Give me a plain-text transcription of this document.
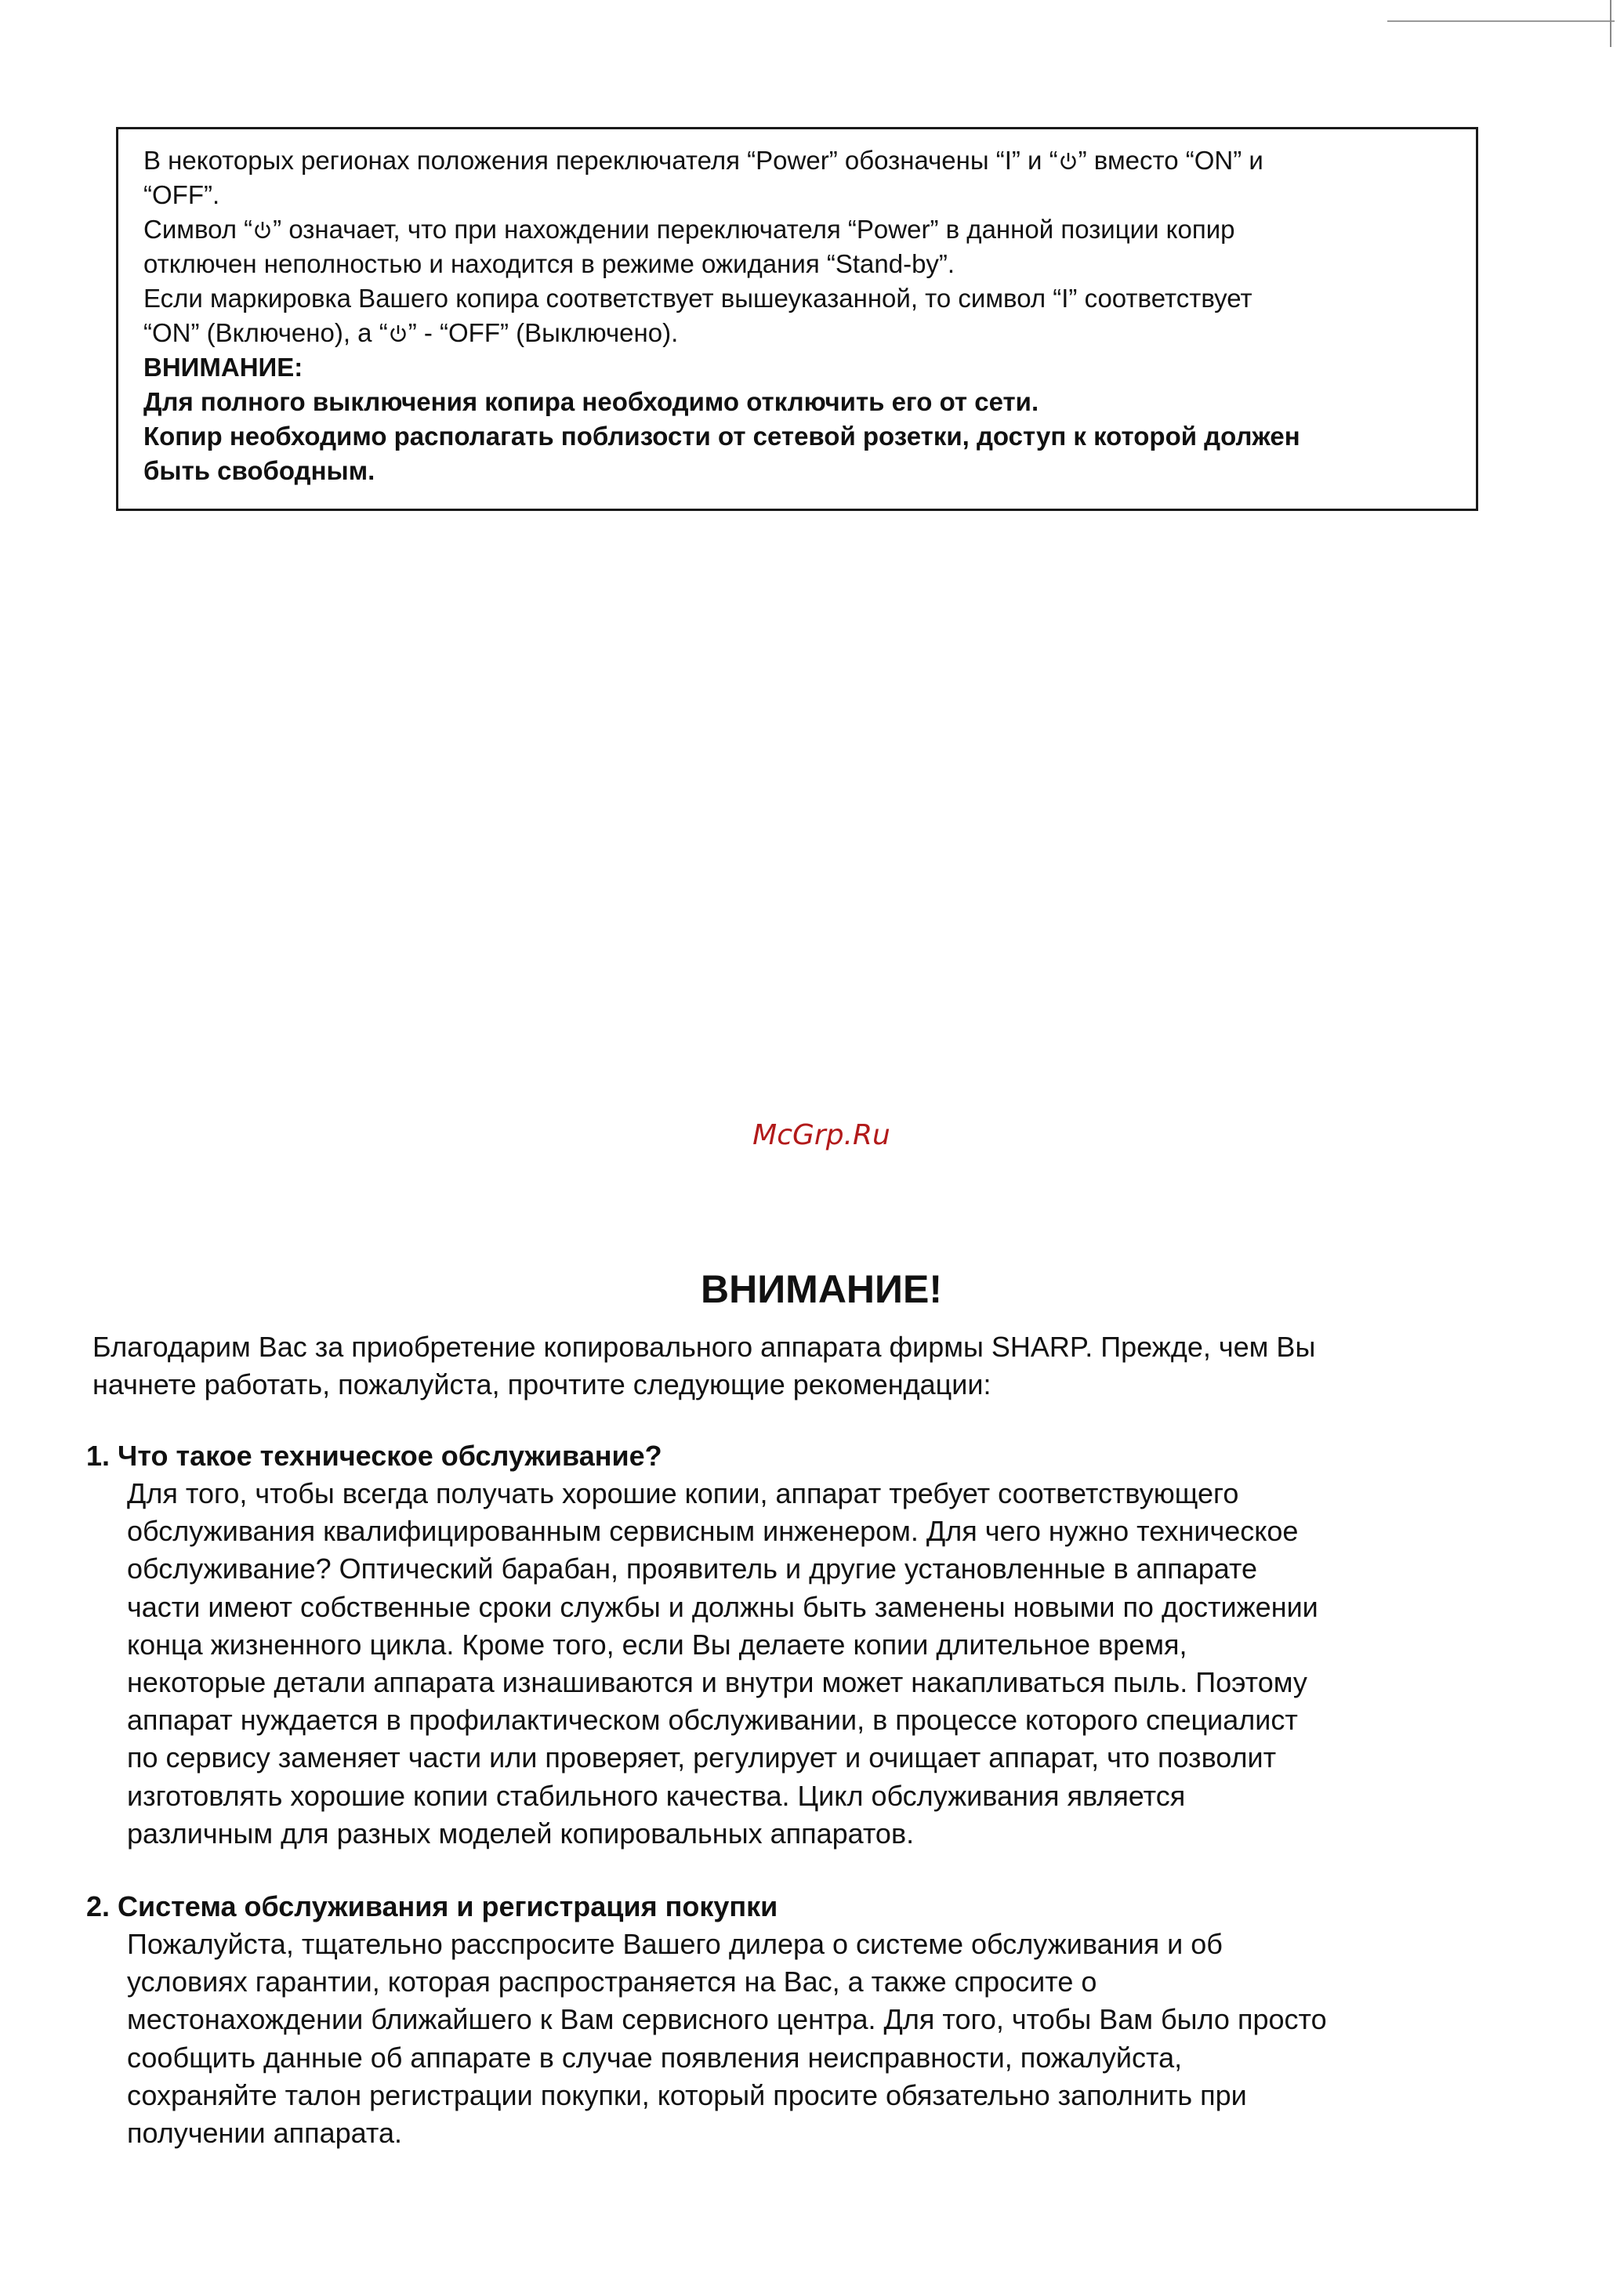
В некоторых регионах положения переключателя “Power” обозначены “I” и “ ” вместо “ON” и

“OFF”.

Символ “ ” означает, что при нахождении переключателя “Power” в данной позиции копир

отключен неполностью и находится в режиме ожидания “Stand-by”.

Если маркировка Вашего копира соответствует вышеуказанной, то символ “I” соответствует

“ON” (Включено), а “ ” - “OFF” (Выключено).

ВНИМАНИЕ:

Для полного выключения копира необходимо отключить его от сети.

Копир необходимо располагать поблизости от сетевой розетки, доступ к которой должен

быть свободным.

McGrp.Ru
ВНИМАНИЕ!

Благодарим Вас за приобретение копировального аппарата фирмы SHARP. Прежде, чем Вы
начнете работать, пожалуйста, прочтите следующие рекомендации:

1. Что такое техническое обслуживание?

Для того, чтобы всегда получать хорошие копии, аппарат требует соответствующего
обслуживания квалифицированным сервисным инженером. Для чего нужно техническое
обслуживание? Оптический барабан, проявитель и другие установленные в аппарате
части имеют собственные сроки службы и должны быть заменены новыми по достижении
конца жизненного цикла. Кроме того, если Вы делаете копии длительное время,
некоторые детали аппарата изнашиваются и внутри может накапливаться пыль. Поэтому
аппарат нуждается в профилактическом обслуживании, в процессе которого специалист
по сервису заменяет части или проверяет, регулирует и очищает аппарат, что позволит
изготовлять хорошие копии стабильного качества. Цикл обслуживания является
различным для разных моделей копировальных аппаратов.

2. Система обслуживания и регистрация покупки

Пожалуйста, тщательно расспросите Вашего дилера о системе обслуживания и об
условиях гарантии, которая распространяется на Вас, а также спросите о
местонахождении ближайшего к Вам сервисного центра. Для того, чтобы Вам было просто
сообщить данные об аппарате в случае появления неисправности, пожалуйста,
сохраняйте талон регистрации покупки, который просите обязательно заполнить при
получении аппарата.
